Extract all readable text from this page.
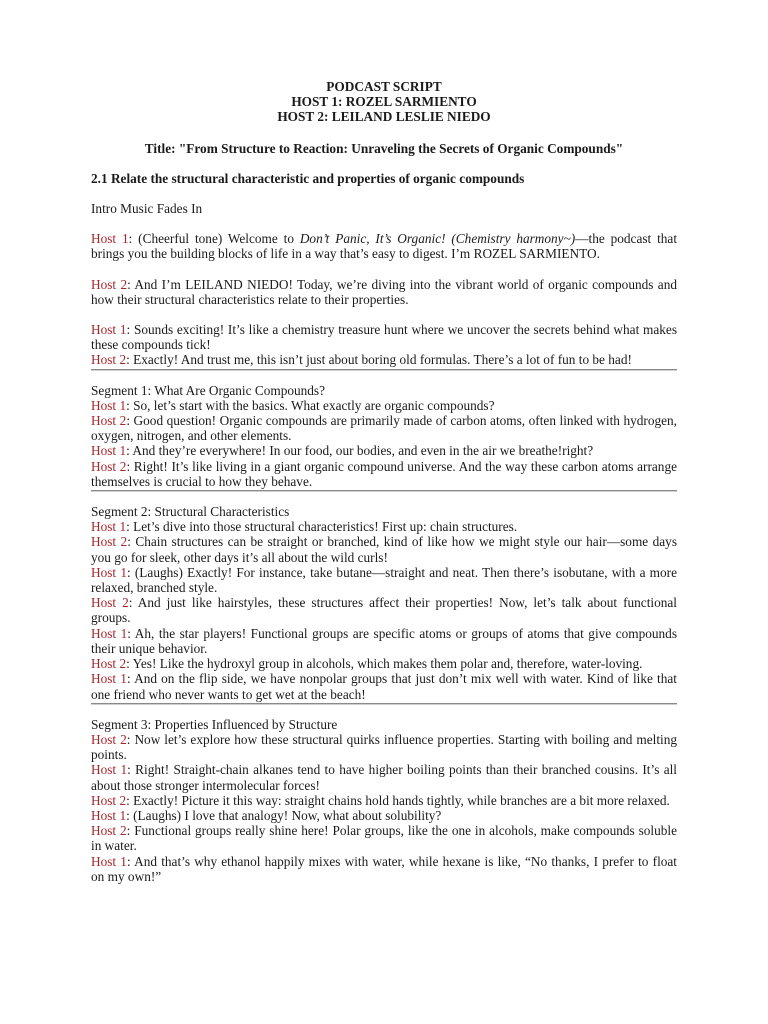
PODCAST SCRIPT
HOST 1: ROZEL SARMIENTO
HOST 2: LEILAND LESLIE NIEDO
Title: "From Structure to Reaction: Unraveling the Secrets of Organic Compounds"
2.1 Relate the structural characteristic and properties of organic compounds
Intro Music Fades In

Host 1: (Cheerful tone) Welcome to Don’t Panic, It’s Organic! (Chemistry harmony~)—the podcast that brings you the building blocks of life in a way that’s easy to digest. I’m ROZEL SARMIENTO.

Host 2: And I’m LEILAND NIEDO! Today, we’re diving into the vibrant world of organic compounds and how their structural characteristics relate to their properties.

Host 1: Sounds exciting! It’s like a chemistry treasure hunt where we uncover the secrets behind what makes these compounds tick!

Host 2: Exactly! And trust me, this isn’t just about boring old formulas. There’s a lot of fun to be had!

Segment 1: What Are Organic Compounds?

Host 1: So, let’s start with the basics. What exactly are organic compounds?

Host 2: Good question! Organic compounds are primarily made of carbon atoms, often linked with hydrogen, oxygen, nitrogen, and other elements.

Host 1: And they’re everywhere! In our food, our bodies, and even in the air we breathe!right?

Host 2: Right! It’s like living in a giant organic compound universe. And the way these carbon atoms arrange themselves is crucial to how they behave.

Segment 2: Structural Characteristics

Host 1: Let’s dive into those structural characteristics! First up: chain structures.

Host 2: Chain structures can be straight or branched, kind of like how we might style our hair—some days you go for sleek, other days it’s all about the wild curls!

Host 1: (Laughs) Exactly! For instance, take butane—straight and neat. Then there’s isobutane, with a more relaxed, branched style.

Host 2: And just like hairstyles, these structures affect their properties! Now, let’s talk about functional groups.

Host 1: Ah, the star players! Functional groups are specific atoms or groups of atoms that give compounds their unique behavior.

Host 2: Yes! Like the hydroxyl group in alcohols, which makes them polar and, therefore, water-loving.

Host 1: And on the flip side, we have nonpolar groups that just don’t mix well with water. Kind of like that one friend who never wants to get wet at the beach!

Segment 3: Properties Influenced by Structure

Host 2: Now let’s explore how these structural quirks influence properties. Starting with boiling and melting points.

Host 1: Right! Straight-chain alkanes tend to have higher boiling points than their branched cousins. It’s all about those stronger intermolecular forces!

Host 2: Exactly! Picture it this way: straight chains hold hands tightly, while branches are a bit more relaxed.

Host 1: (Laughs) I love that analogy! Now, what about solubility?

Host 2: Functional groups really shine here! Polar groups, like the one in alcohols, make compounds soluble in water.

Host 1: And that’s why ethanol happily mixes with water, while hexane is like, “No thanks, I prefer to float on my own!”
